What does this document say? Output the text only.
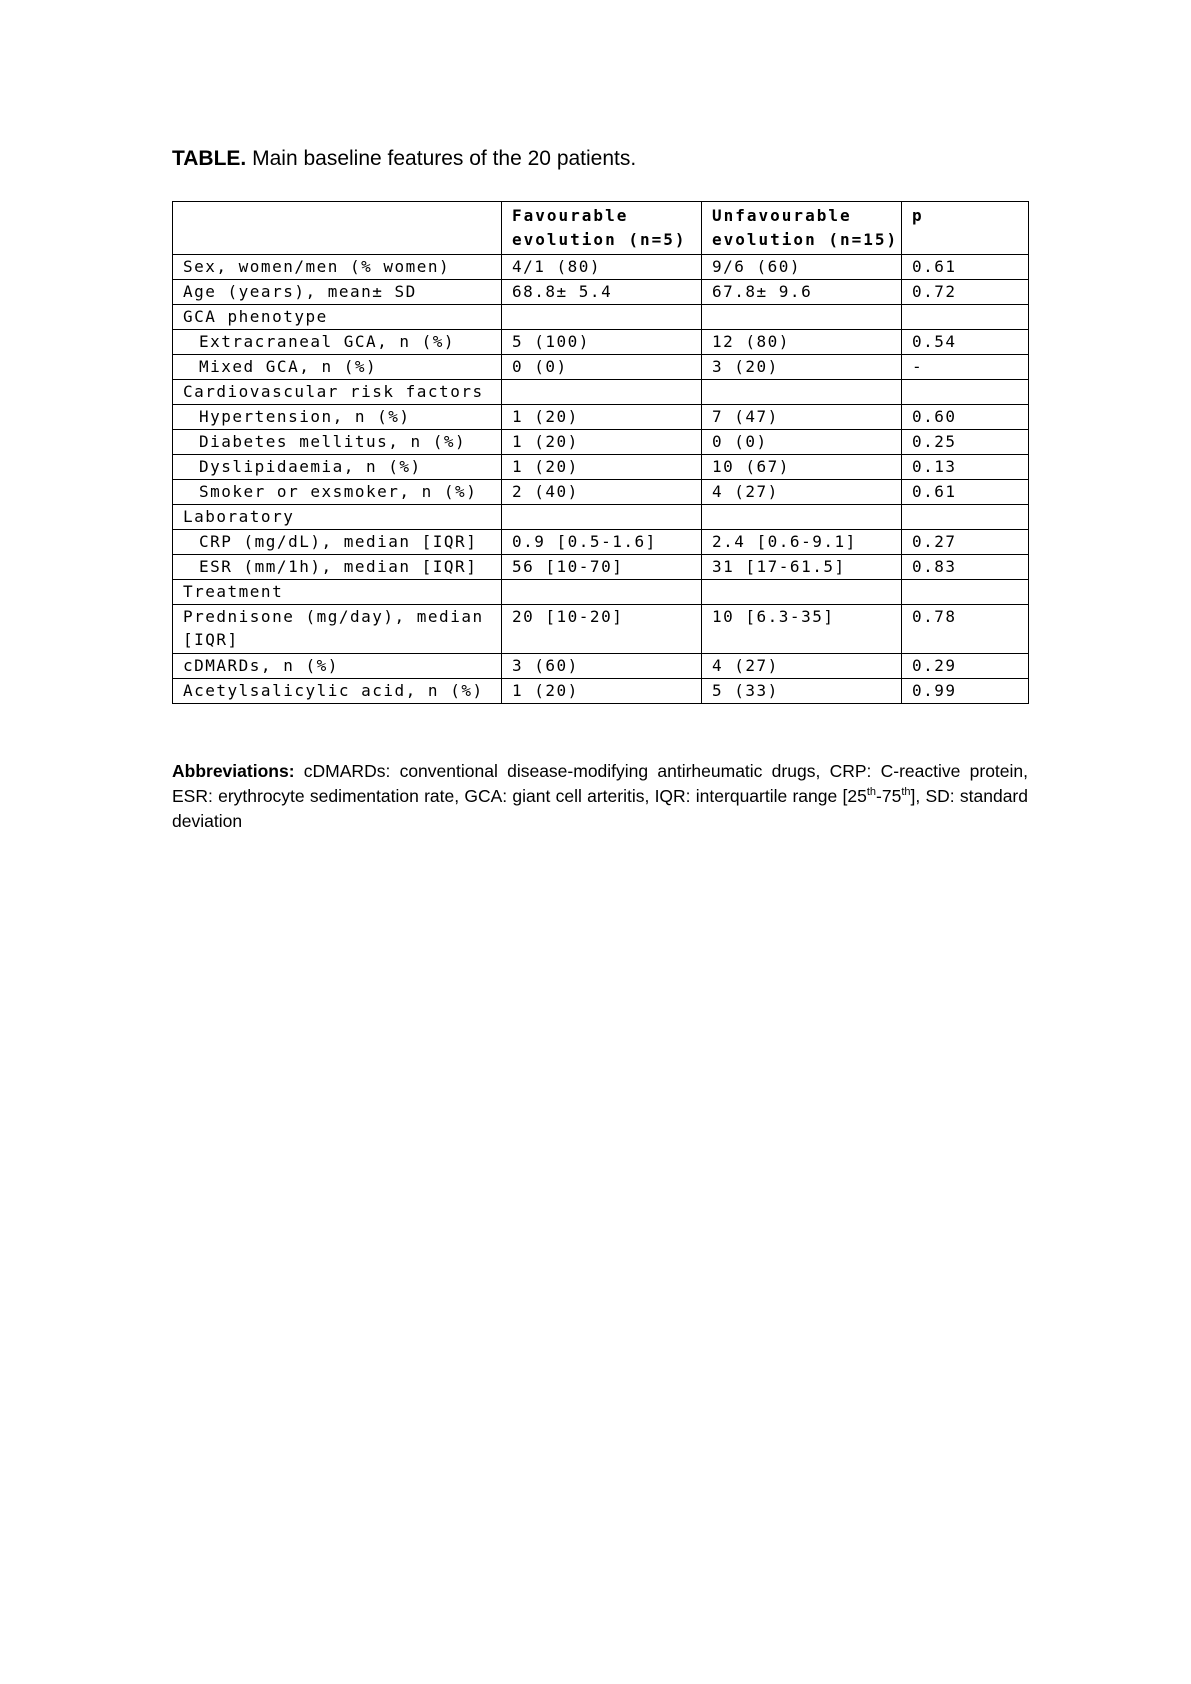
TABLE. Main baseline features of the 20 patients.
	Favourable evolution (n=5)	Unfavourable evolution (n=15)	p
Sex, women/men (% women)	4/1 (80)	9/6 (60)	0.61
Age (years), mean± SD	68.8± 5.4	67.8± 9.6	0.72
GCA phenotype			
Extracraneal GCA, n (%)	5 (100)	12 (80)	0.54
Mixed GCA, n (%)	0 (0)	3 (20)	-
Cardiovascular risk factors			
Hypertension, n (%)	1 (20)	7 (47)	0.60
Diabetes mellitus, n (%)	1 (20)	0 (0)	0.25
Dyslipidaemia, n (%)	1 (20)	10 (67)	0.13
Smoker or exsmoker, n (%)	2 (40)	4 (27)	0.61
Laboratory			
CRP (mg/dL), median [IQR]	0.9 [0.5-1.6]	2.4 [0.6-9.1]	0.27
ESR (mm/1h), median [IQR]	56 [10-70]	31 [17-61.5]	0.83
Treatment			
Prednisone (mg/day), median [IQR]	20 [10-20]	10 [6.3-35]	0.78
cDMARDs, n (%)	3 (60)	4 (27)	0.29
Acetylsalicylic acid, n (%)	1 (20)	5 (33)	0.99
Abbreviations: cDMARDs: conventional disease-modifying antirheumatic drugs, CRP: C-reactive protein, ESR: erythrocyte sedimentation rate, GCA: giant cell arteritis, IQR: interquartile range [25th-75th], SD: standard deviation
